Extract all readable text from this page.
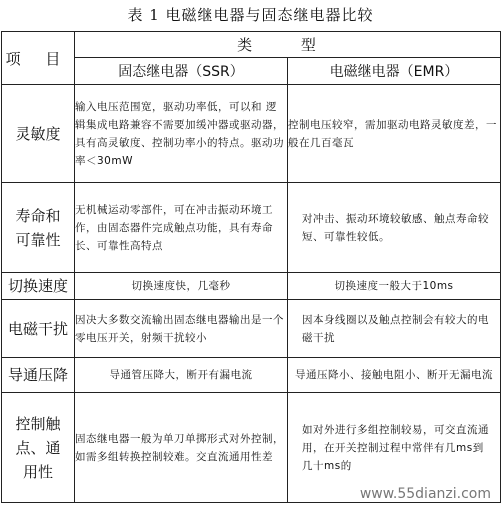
表 1 电磁继电器与固态继电器比较
项 目	类 型	
	固态继电器（SSR）	电磁继电器（EMR）

灵敏度	输入电压范围宽，驱动功率低，可以和 逻辑集成电路兼容不需要加缓冲器或驱动器，具有高灵敏度、控制功率小的特点。驱动功率＜30mW	控制电压较窄，需加驱动电路灵敏度差，一般在几百毫瓦

寿命和
可靠性	无机械运动零部件，可在冲击振动环境工作，由固态器件完成触点功能，具有寿命长、可靠性高特点	对冲击、振动环境较敏感、触点寿命较短、可靠性较低。

切换速度	切换速度快，几毫秒	切换速度一般大于10ms

电磁干扰	因决大多数交流输出固态继电器输出是一个零电压开关，射频干扰较小	因本身线圈以及触点控制会有较大的电磁干扰

导通压降	导通管压降大，断开有漏电流	导通压降小、接触电阻小、断开无漏电流

控制触
点、通
用性	固态继电器一般为单刀单掷形式对外控制，如需多组转换控制较难。交直流通用性差	如对外进行多组控制较易，可交直流通用，在开关控制过程中常伴有几ms到几十ms的
www.55dianzi.com
